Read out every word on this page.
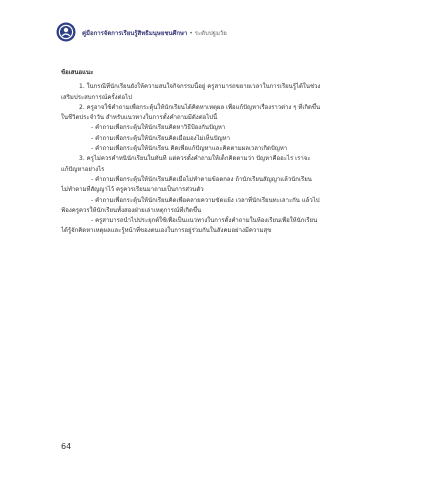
คู่มือการจัดการเรียนรู้สิทธิมนุษยชนศึกษา • ระดับปฐมวัย
ข้อเสนอแนะ
1. ในกรณีที่นักเรียนยังให้ความสนใจกิจกรรมนี้อยู่ ครูสามารถขยายเวลาในการเรียนรู้ได้ในช่วง
เสริมประสบการณ์ครั้งต่อไป
2. ครูอาจใช้คำถามเพื่อกระตุ้นให้นักเรียนได้คิดหาเหตุผล เพื่อแก้ปัญหาเรื่องราวต่าง ๆ ที่เกิดขึ้น
ในชีวิตประจำวัน สำหรับแนวทางในการตั้งคำถามมีดังต่อไปนี้
- คำถามเพื่อกระตุ้นให้นักเรียนคิดหาวิธีป้องกันปัญหา
- คำถามเพื่อกระตุ้นให้นักเรียนคิดเมื่อมองไม่เห็นปัญหา
- คำถามเพื่อกระตุ้นให้นักเรียน คิดเพื่อแก้ปัญหาและคิดตามผลเวลาเกิดปัญหา
3. ครูไม่ควรคำหนินักเรียนในทันที แต่ควรตั้งคำถามให้เด็กคิดตามว่า ปัญหาคืออะไร เราจะ
แก้ปัญหาอย่างไร
- คำถามเพื่อกระตุ้นให้นักเรียนคิดเมื่อไม่ทำตามข้อตกลง ถ้านักเรียนสัญญาแล้วนักเรียน
ไม่ทำตามที่สัญญาไว้ ครูควรเรียนมาถามเป็นการส่วนตัว
- คำถามเพื่อกระตุ้นให้นักเรียนคิดเพื่อคลายความขัดแย้ง เวลาที่นักเรียนทะเลาะกัน แล้วไป
ฟ้องครูควรให้นักเรียนทั้งสองฝ่ายเล่าเหตุการณ์ที่เกิดขึ้น
- ครูสามารถนำไปประยุกต์ใช้เพื่อเป็นแนวทางในการตั้งคำถามในห้องเรียนเพื่อให้นักเรียน
ได้รู้จักคิดหาเหตุผลและรู้หน้าที่ของตนเองในการอยู่ร่วมกันในสังคมอย่างมีความสุข
64
